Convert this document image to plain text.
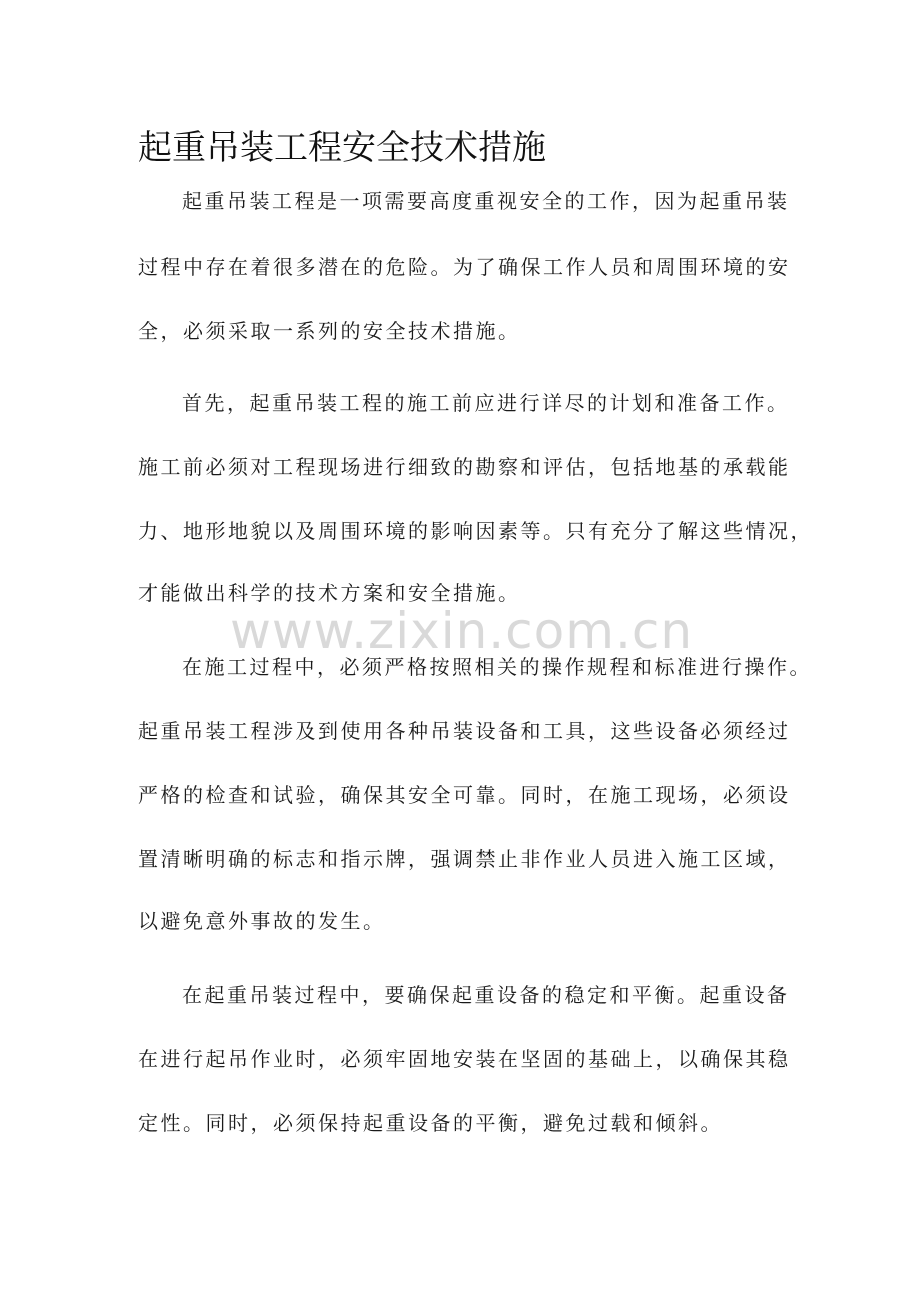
起重吊装工程安全技术措施
www.zixin.com.cn

起重吊装工程是一项需要高度重视安全的工作，因为起重吊装

过程中存在着很多潜在的危险。为了确保工作人员和周围环境的安

全，必须采取一系列的安全技术措施。

首先，起重吊装工程的施工前应进行详尽的计划和准备工作。

施工前必须对工程现场进行细致的勘察和评估，包括地基的承载能

力、地形地貌以及周围环境的影响因素等。只有充分了解这些情况，

才能做出科学的技术方案和安全措施。

在施工过程中，必须严格按照相关的操作规程和标准进行操作。

起重吊装工程涉及到使用各种吊装设备和工具，这些设备必须经过

严格的检查和试验，确保其安全可靠。同时，在施工现场，必须设

置清晰明确的标志和指示牌，强调禁止非作业人员进入施工区域，

以避免意外事故的发生。

在起重吊装过程中，要确保起重设备的稳定和平衡。起重设备

在进行起吊作业时，必须牢固地安装在坚固的基础上，以确保其稳

定性。同时，必须保持起重设备的平衡，避免过载和倾斜。
